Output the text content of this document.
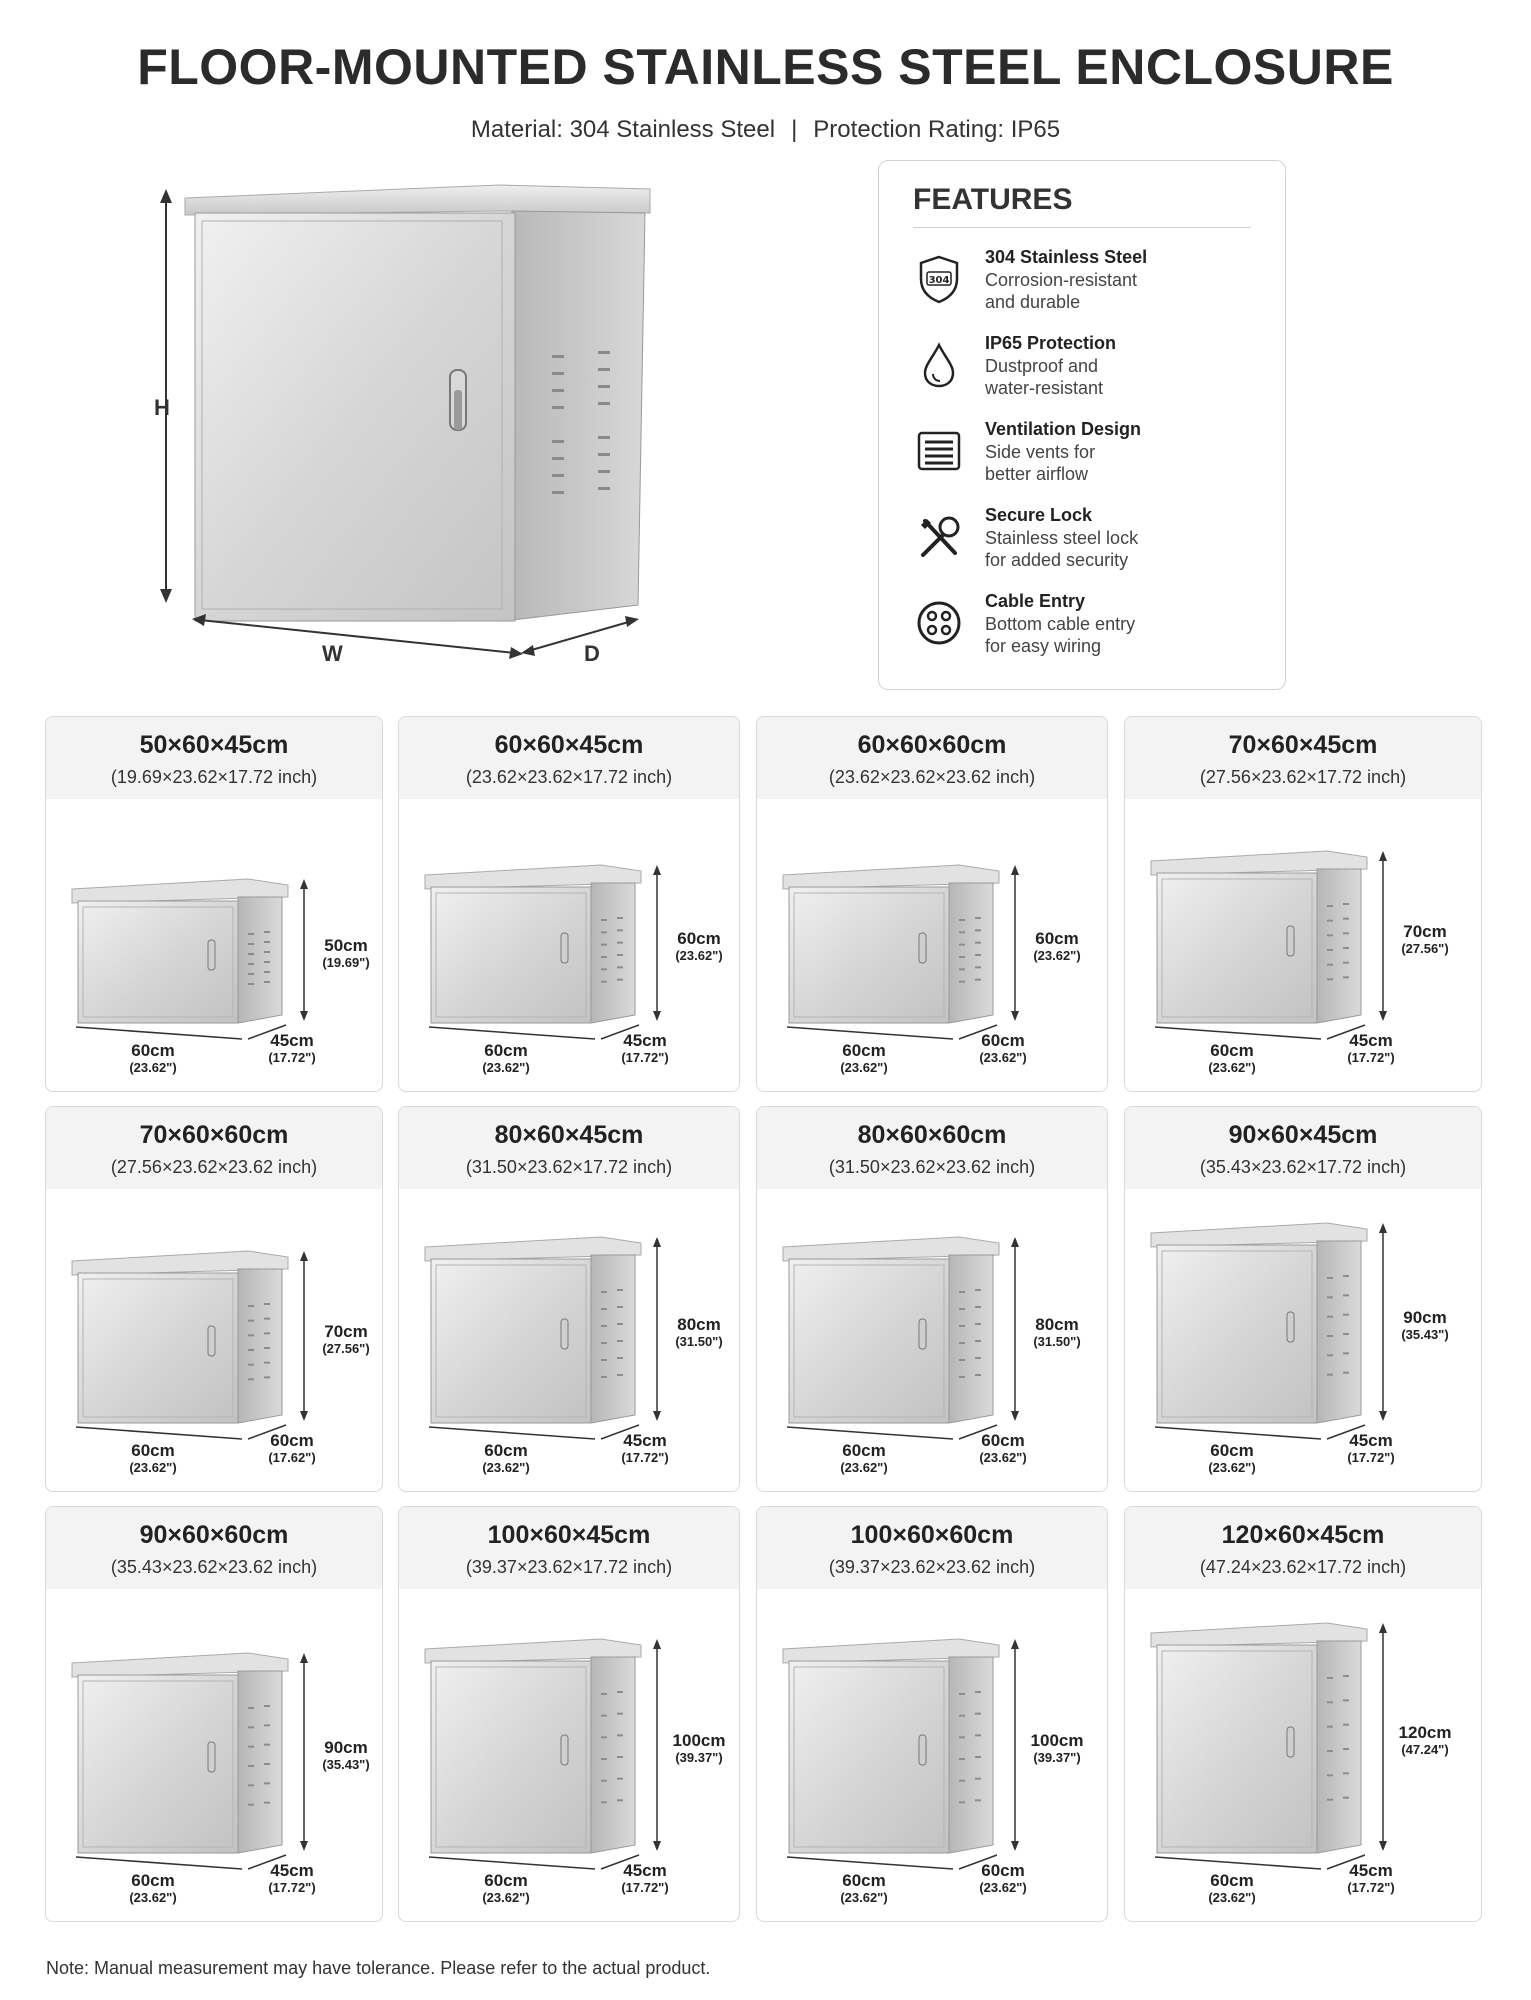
FLOOR-MOUNTED STAINLESS STEEL ENCLOSURE
Material: 304 Stainless Steel | Protection Rating: IP65
H
W	D
FEATURES
304
304 Stainless Steel
Corrosion-resistant
and durable
IP65 Protection
Dustproof and
water-resistant
Ventilation Design
Side vents for
better airflow
Secure Lock
Stainless steel lock
for added security
Cable Entry
Bottom cable entry
for easy wiring
50×60×45cm
(19.69×23.62×17.72 inch)
50cm
(19.69")
60cm
(23.62")
45cm
(17.72")
60×60×45cm
(23.62×23.62×17.72 inch)
60cm
(23.62")
60cm
(23.62")
45cm
(17.72")
60×60×60cm
(23.62×23.62×23.62 inch)
60cm
(23.62")
60cm
(23.62")
60cm
(23.62")
70×60×45cm
(27.56×23.62×17.72 inch)
70cm
(27.56")
60cm
(23.62")
45cm
(17.72")
70×60×60cm
(27.56×23.62×23.62 inch)
70cm
(27.56")
60cm
(23.62")
60cm
(17.62")
80×60×45cm
(31.50×23.62×17.72 inch)
80cm
(31.50")
60cm
(23.62")
45cm
(17.72")
80×60×60cm
(31.50×23.62×23.62 inch)
80cm
(31.50")
60cm
(23.62")
60cm
(23.62")
90×60×45cm
(35.43×23.62×17.72 inch)
90cm
(35.43")
60cm
(23.62")
45cm
(17.72")
90×60×60cm
(35.43×23.62×23.62 inch)
90cm
(35.43")
60cm
(23.62")
45cm
(17.72")
100×60×45cm
(39.37×23.62×17.72 inch)
100cm
(39.37")
60cm
(23.62")
45cm
(17.72")
100×60×60cm
(39.37×23.62×23.62 inch)
100cm
(39.37")
60cm
(23.62")
60cm
(23.62")
120×60×45cm
(47.24×23.62×17.72 inch)
120cm
(47.24")
60cm
(23.62")
45cm
(17.72")
Note: Manual measurement may have tolerance. Please refer to the actual product.
